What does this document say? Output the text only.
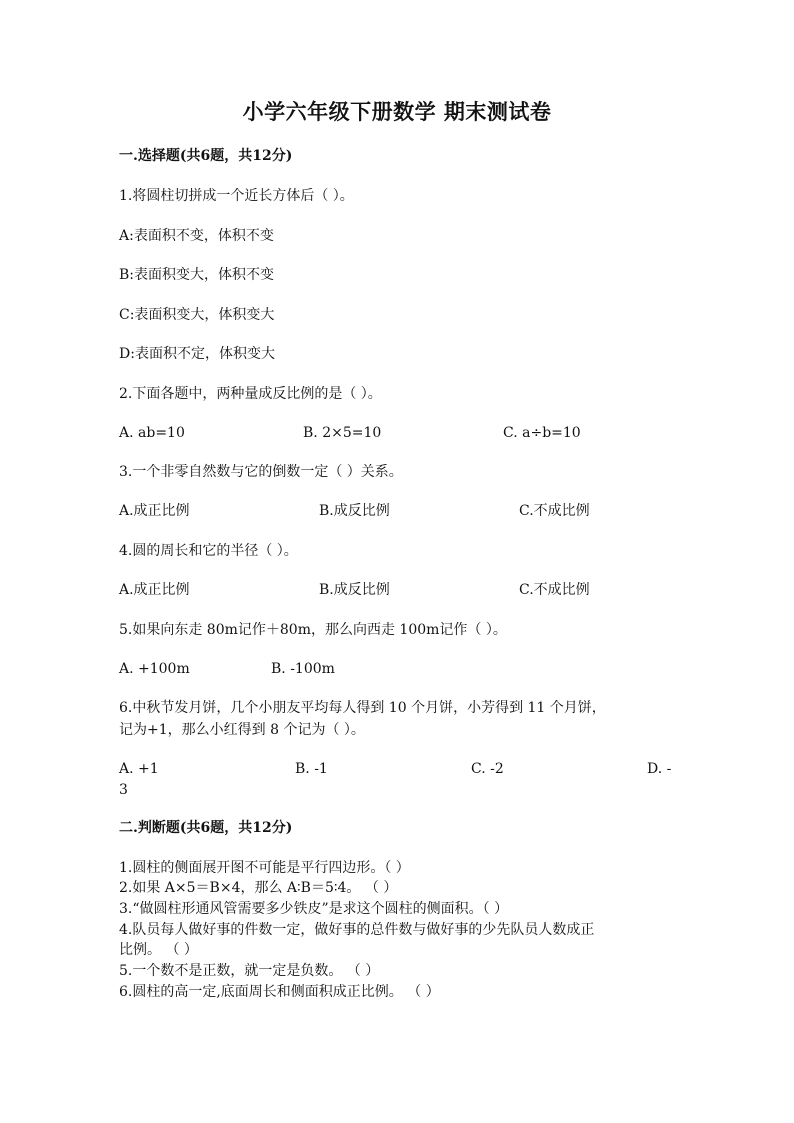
小学六年级下册数学 期末测试卷
一.选择题(共6题，共12分)
1.将圆柱切拼成一个近长方体后（ ）。
A:表面积不变，体积不变
B:表面积变大，体积不变
C:表面积变大，体积变大
D:表面积不定，体积变大
2.下面各题中，两种量成反比例的是（ ）。
A. ab=10	B. 2×5=10	C. a÷b=10
3.一个非零自然数与它的倒数一定（ ）关系。
A.成正比例	B.成反比例	C.不成比例
4.圆的周长和它的半径（ ）。
A.成正比例	B.成反比例	C.不成比例
5.如果向东走 80m记作＋80m，那么向西走 100m记作（ ）。
A. +100m	B. -100m
6.中秋节发月饼，几个小朋友平均每人得到 10 个月饼，小芳得到 11 个月饼，
记为+1，那么小红得到 8 个记为（ ）。
A. +1	B. -1	C. -2	D. -
3
二.判断题(共6题，共12分)
1.圆柱的侧面展开图不可能是平行四边形。（ ）
2.如果 A×5＝B×4，那么 A∶B＝5∶4。 （ ）
3.“做圆柱形通风管需要多少铁皮”是求这个圆柱的侧面积。（ ）
4.队员每人做好事的件数一定，做好事的总件数与做好事的少先队员人数成正
比例。 （ ）
5.一个数不是正数，就一定是负数。 （ ）
6.圆柱的高一定,底面周长和侧面积成正比例。 （ ）
